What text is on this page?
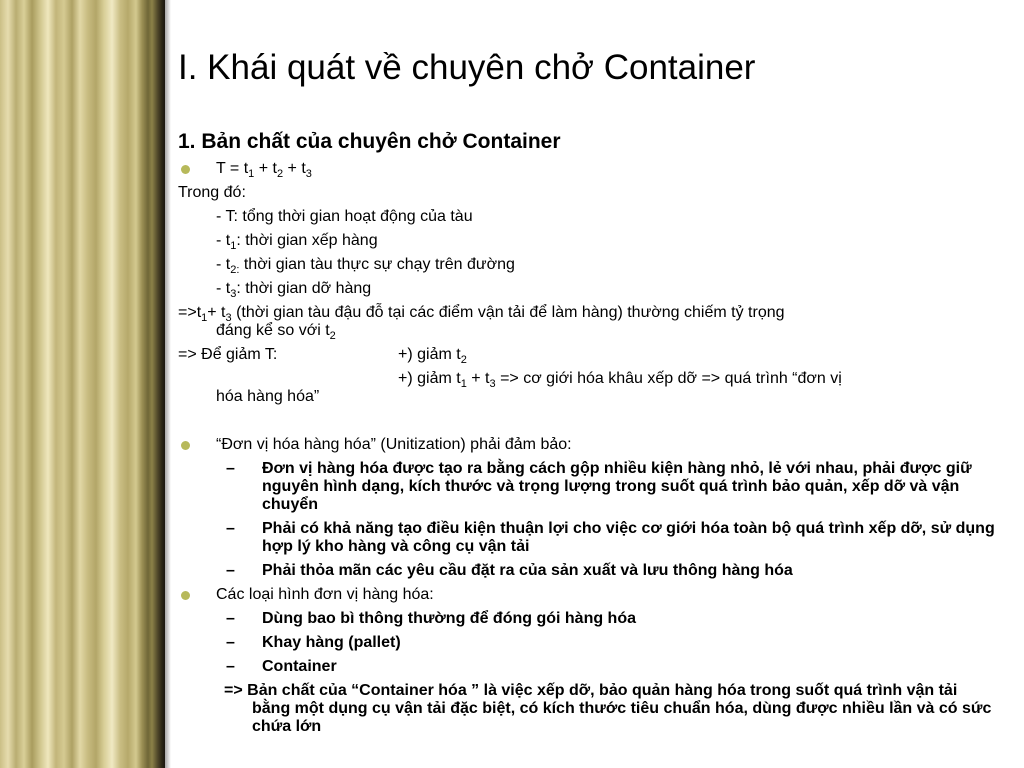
I. Khái quát về chuyên chở Container
1. Bản chất của chuyên chở Container
$T = t_1 + t_2 + t_3$
Trong đó:
- T: tổng thời gian hoạt động của tàu
- $t_1$: thời gian xếp hàng
- $t_{2:}$ thời gian tàu thực sự chạy trên đường
- $t_3$: thời gian dỡ hàng
$=>t_1+ t_3$ (thời gian tàu đậu đỗ tại các điểm vận tải để làm hàng) thường chiếm tỷ trọng
đáng kể so với $t_2$
=> Để giảm T:	+) giảm $t_2$
+) giảm $t_1 + t_3$ => cơ giới hóa khâu xếp dỡ => quá trình “đơn vị
hóa hàng hóa”
“Đơn vị hóa hàng hóa” (Unitization) phải đảm bảo:
– Đơn vị hàng hóa được tạo ra bằng cách gộp nhiều kiện hàng nhỏ, lẻ với nhau, phải được giữ nguyên hình dạng, kích thước và trọng lượng trong suốt quá trình bảo quản, xếp dỡ và vận chuyển
– Phải có khả năng tạo điều kiện thuận lợi cho việc cơ giới hóa toàn bộ quá trình xếp dỡ, sử dụng hợp lý kho hàng và công cụ vận tải
– Phải thỏa mãn các yêu cầu đặt ra của sản xuất và lưu thông hàng hóa
Các loại hình đơn vị hàng hóa:
– Dùng bao bì thông thường để đóng gói hàng hóa
– Khay hàng (pallet)
– Container
=> Bản chất của “Container hóa ” là việc xếp dỡ, bảo quản hàng hóa trong suốt quá trình vận tải bằng một dụng cụ vận tải đặc biệt, có kích thước tiêu chuẩn hóa, dùng được nhiều lần và có sức chứa lớn
